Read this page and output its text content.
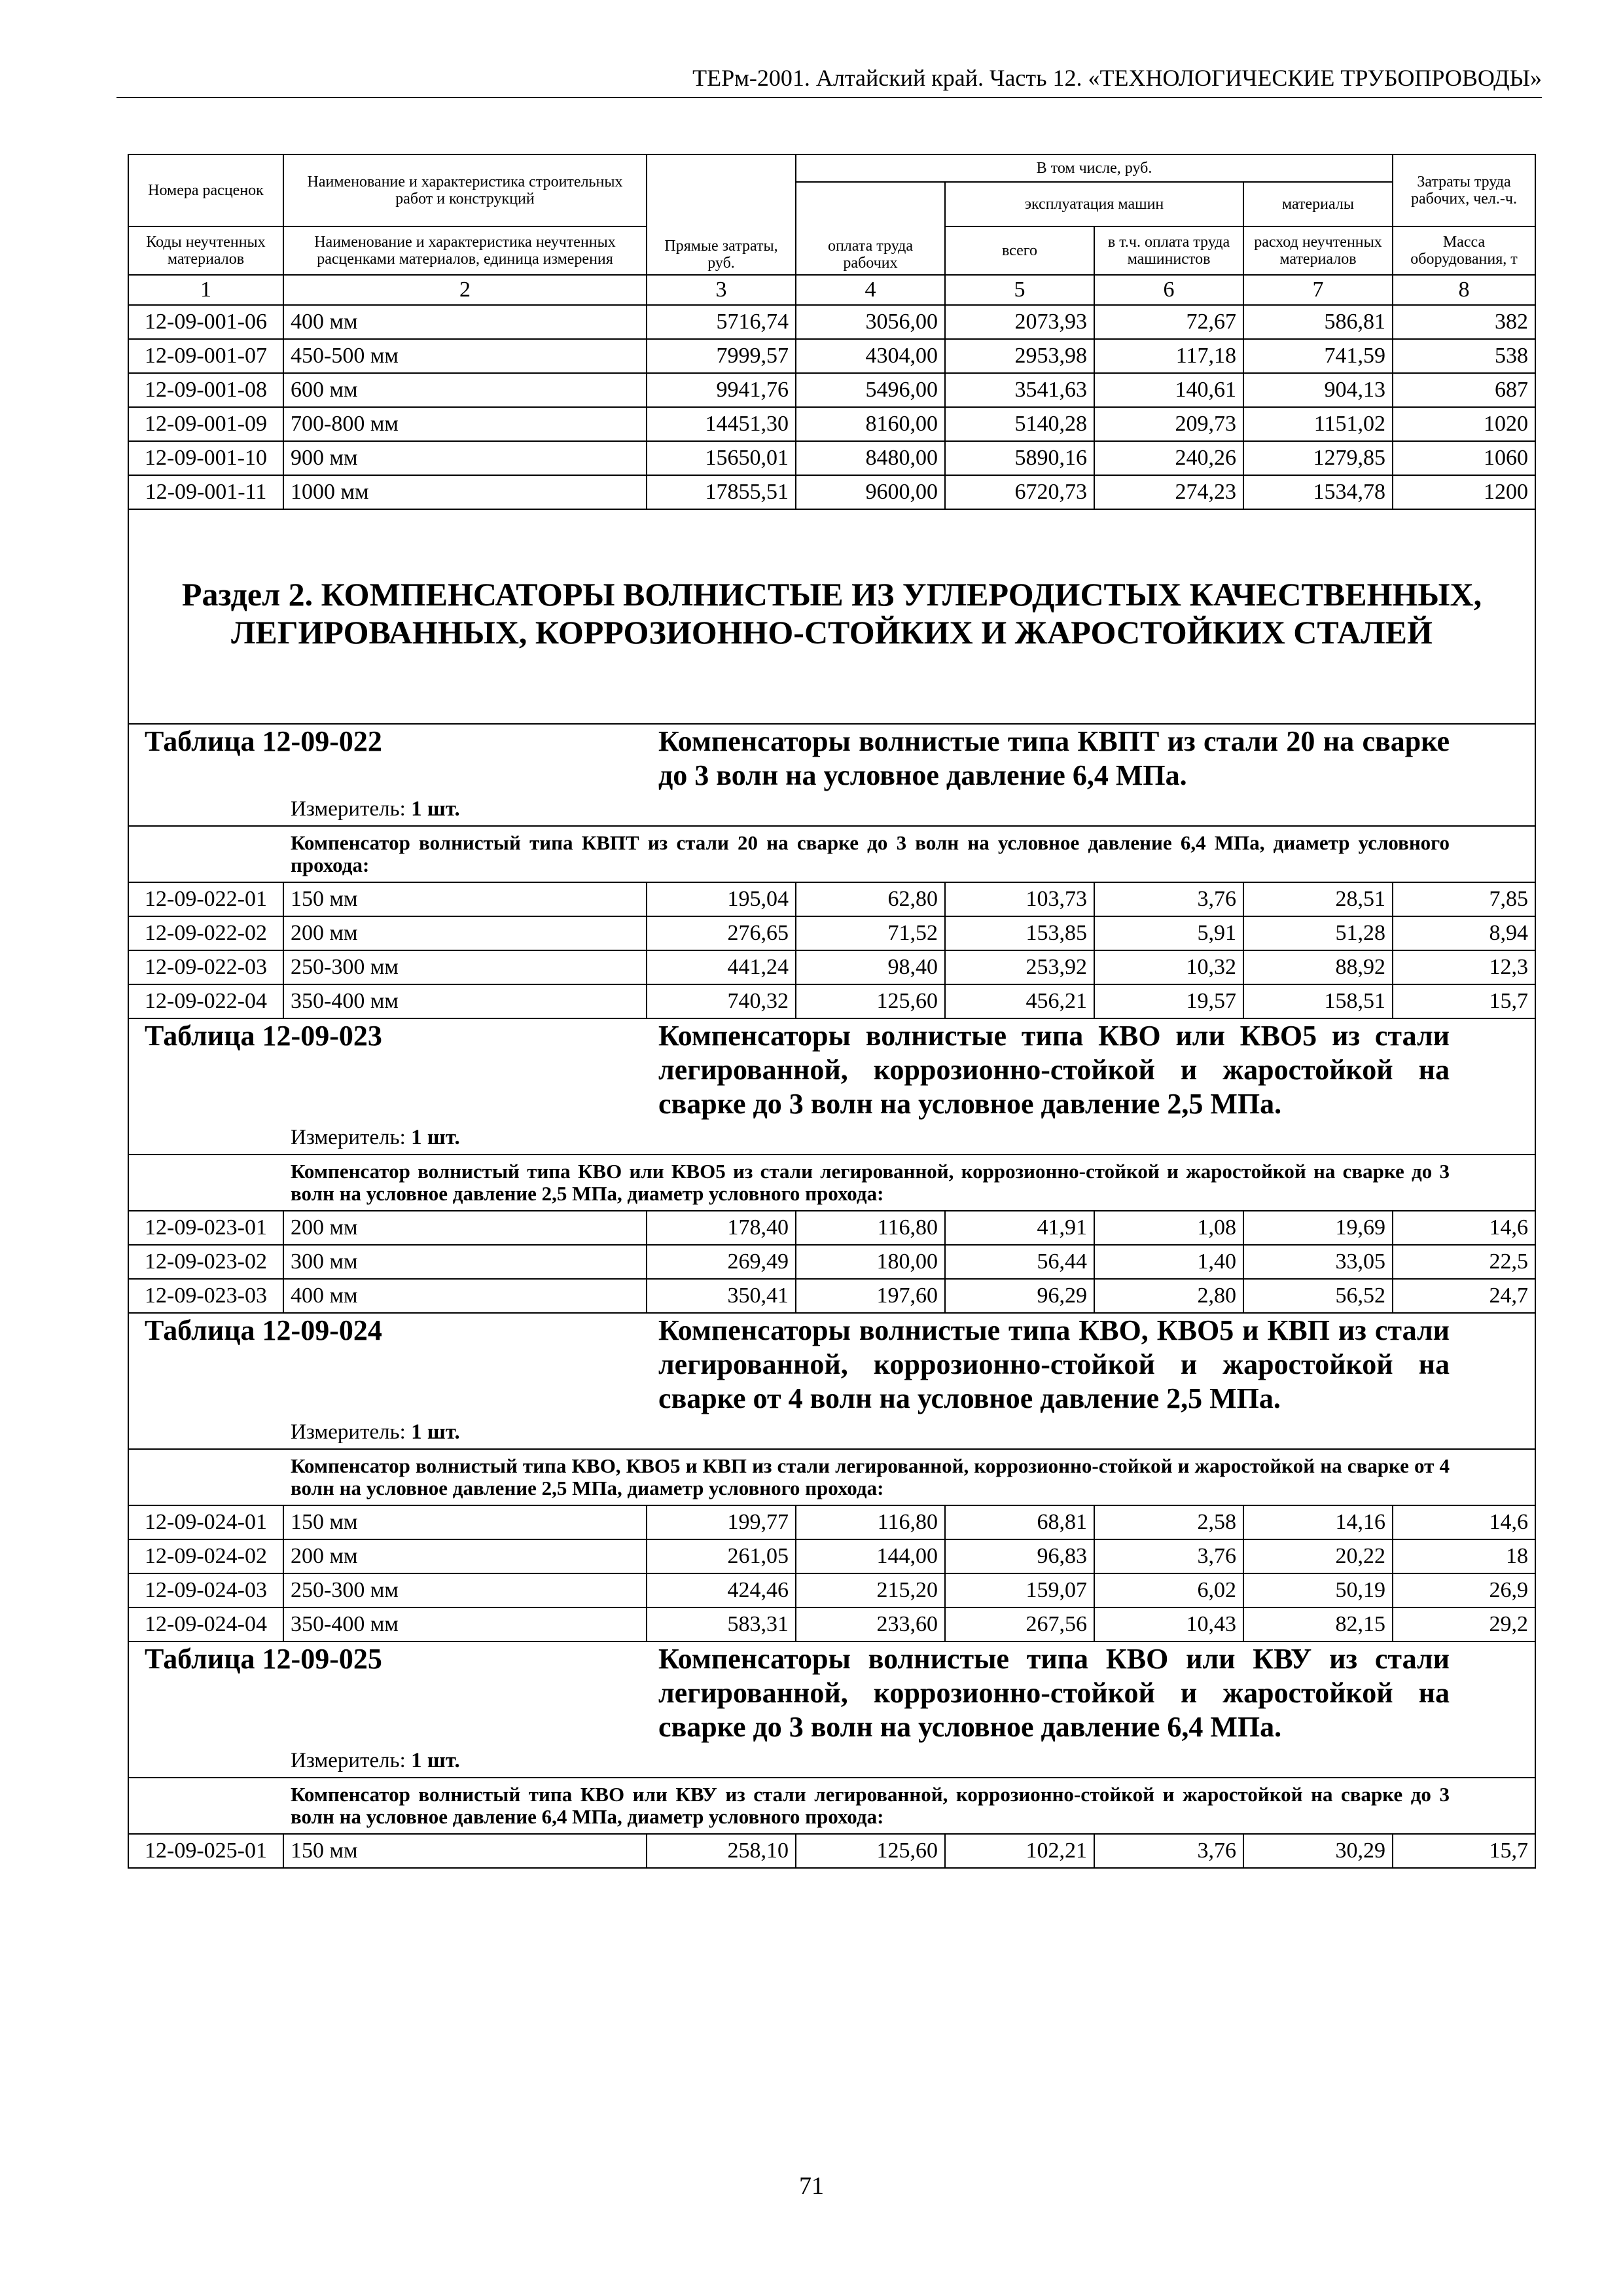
ТЕРм-2001. Алтайский край. Часть 12. «ТЕХНОЛОГИЧЕСКИЕ ТРУБОПРОВОДЫ»
Номера расценок	Наименование и характеристика строительных работ и конструкций	Прямые затраты, руб.	В том числе, руб.				Затраты труда рабочих, чел.-ч.
			оплата труда рабочих	эксплуатация машин		материалы	
Коды неучтенных материалов	Наименование и характеристика неучтенных расценками материалов, единица измерения			всего	в т.ч. оплата труда машинистов	расход неучтенных материалов	Масса оборудования, т
1	2	3	4	5	6	7	8
12-09-001-06	400 мм	5716,74	3056,00	2073,93	72,67	586,81	382
12-09-001-07	450-500 мм	7999,57	4304,00	2953,98	117,18	741,59	538
12-09-001-08	600 мм	9941,76	5496,00	3541,63	140,61	904,13	687
12-09-001-09	700-800 мм	14451,30	8160,00	5140,28	209,73	1151,02	1020
12-09-001-10	900 мм	15650,01	8480,00	5890,16	240,26	1279,85	1060
12-09-001-11	1000 мм	17855,51	9600,00	6720,73	274,23	1534,78	1200

Раздел 2. КОМПЕНСАТОРЫ ВОЛНИСТЫЕ ИЗ УГЛЕРОДИСТЫХ КАЧЕСТВЕННЫХ, ЛЕГИРОВАННЫХ, КОРРОЗИОННО-СТОЙКИХ И ЖАРОСТОЙКИХ СТАЛЕЙ							

Таблица 12-09-022 Компенсаторы волнистые типа КВПТ из стали 20 на сварке до 3 волн на условное давление 6,4 МПа.
Измеритель: 1 шт.
Компенсатор волнистый типа КВПТ из стали 20 на сварке до 3 волн на условное давление 6,4 МПа, диаметр условного прохода:							

12-09-022-01	150 мм	195,04	62,80	103,73	3,76	28,51	7,85
12-09-022-02	200 мм	276,65	71,52	153,85	5,91	51,28	8,94
12-09-022-03	250-300 мм	441,24	98,40	253,92	10,32	88,92	12,3
12-09-022-04	350-400 мм	740,32	125,60	456,21	19,57	158,51	15,7

Таблица 12-09-023 Компенсаторы волнистые типа КВО или КВО5 из стали легированной, коррозионно-стойкой и жаростойкой на сварке до 3 волн на условное давление 2,5 МПа.
Измеритель: 1 шт.
Компенсатор волнистый типа КВО или КВО5 из стали легированной, коррозионно-стойкой и жаростойкой на сварке до 3 волн на условное давление 2,5 МПа, диаметр условного прохода:							

12-09-023-01	200 мм	178,40	116,80	41,91	1,08	19,69	14,6
12-09-023-02	300 мм	269,49	180,00	56,44	1,40	33,05	22,5
12-09-023-03	400 мм	350,41	197,60	96,29	2,80	56,52	24,7

Таблица 12-09-024 Компенсаторы волнистые типа КВО, КВО5 и КВП из стали легированной, коррозионно-стойкой и жаростойкой на сварке от 4 волн на условное давление 2,5 МПа.
Измеритель: 1 шт.
Компенсатор волнистый типа КВО, КВО5 и КВП из стали легированной, коррозионно-стойкой и жаростойкой на сварке от 4 волн на условное давление 2,5 МПа, диаметр условного прохода:							

12-09-024-01	150 мм	199,77	116,80	68,81	2,58	14,16	14,6
12-09-024-02	200 мм	261,05	144,00	96,83	3,76	20,22	18
12-09-024-03	250-300 мм	424,46	215,20	159,07	6,02	50,19	26,9
12-09-024-04	350-400 мм	583,31	233,60	267,56	10,43	82,15	29,2

Таблица 12-09-025 Компенсаторы волнистые типа КВО или КВУ из стали легированной, коррозионно-стойкой и жаростойкой на сварке до 3 волн на условное давление 6,4 МПа.
Измеритель: 1 шт.
Компенсатор волнистый типа КВО или КВУ из стали легированной, коррозионно-стойкой и жаростойкой на сварке до 3 волн на условное давление 6,4 МПа, диаметр условного прохода:							

12-09-025-01	150 мм	258,10	125,60	102,21	3,76	30,29	15,7
71
